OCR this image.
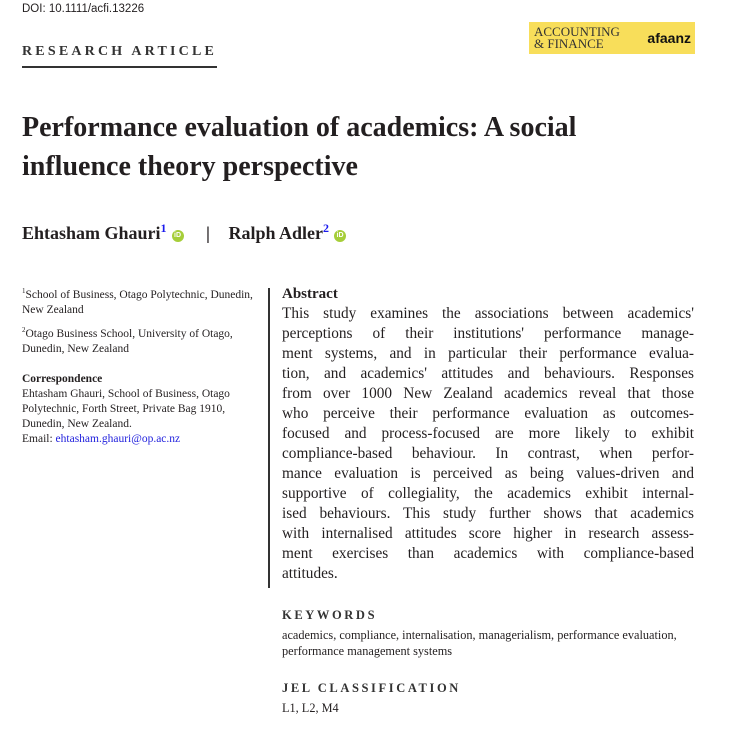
DOI: 10.1111/acfi.13226
RESEARCH ARTICLE
ACCOUNTING
& FINANCE	afaanz
Performance evaluation of academics: A social influence theory perspective
Ehtasham Ghauri$^1$iD | Ralph Adler$^2$iD

$^1$School of Business, Otago Polytechnic, Dunedin, New Zealand

$^2$Otago Business School, University of Otago, Dunedin, New Zealand

Correspondence
Ehtasham Ghauri, School of Business, Otago Polytechnic, Forth Street, Private Bag 1910, Dunedin, New Zealand.
Email: ehtasham.ghauri@op.ac.nz
Abstract
This study examines the associations between academics'
perceptions of their institutions' performance manage-
ment systems, and in particular their performance evalua-
tion, and academics' attitudes and behaviours. Responses
from over 1000 New Zealand academics reveal that those
who perceive their performance evaluation as outcomes-
focused and process-focused are more likely to exhibit
compliance-based behaviour. In contrast, when perfor-
mance evaluation is perceived as being values-driven and
supportive of collegiality, the academics exhibit internal-
ised behaviours. This study further shows that academics
with internalised attitudes score higher in research assess-
ment exercises than academics with compliance-based
attitudes.
KEYWORDS
academics, compliance, internalisation, managerialism, performance evaluation, performance management systems
JEL CLASSIFICATION
L1, L2, M4
